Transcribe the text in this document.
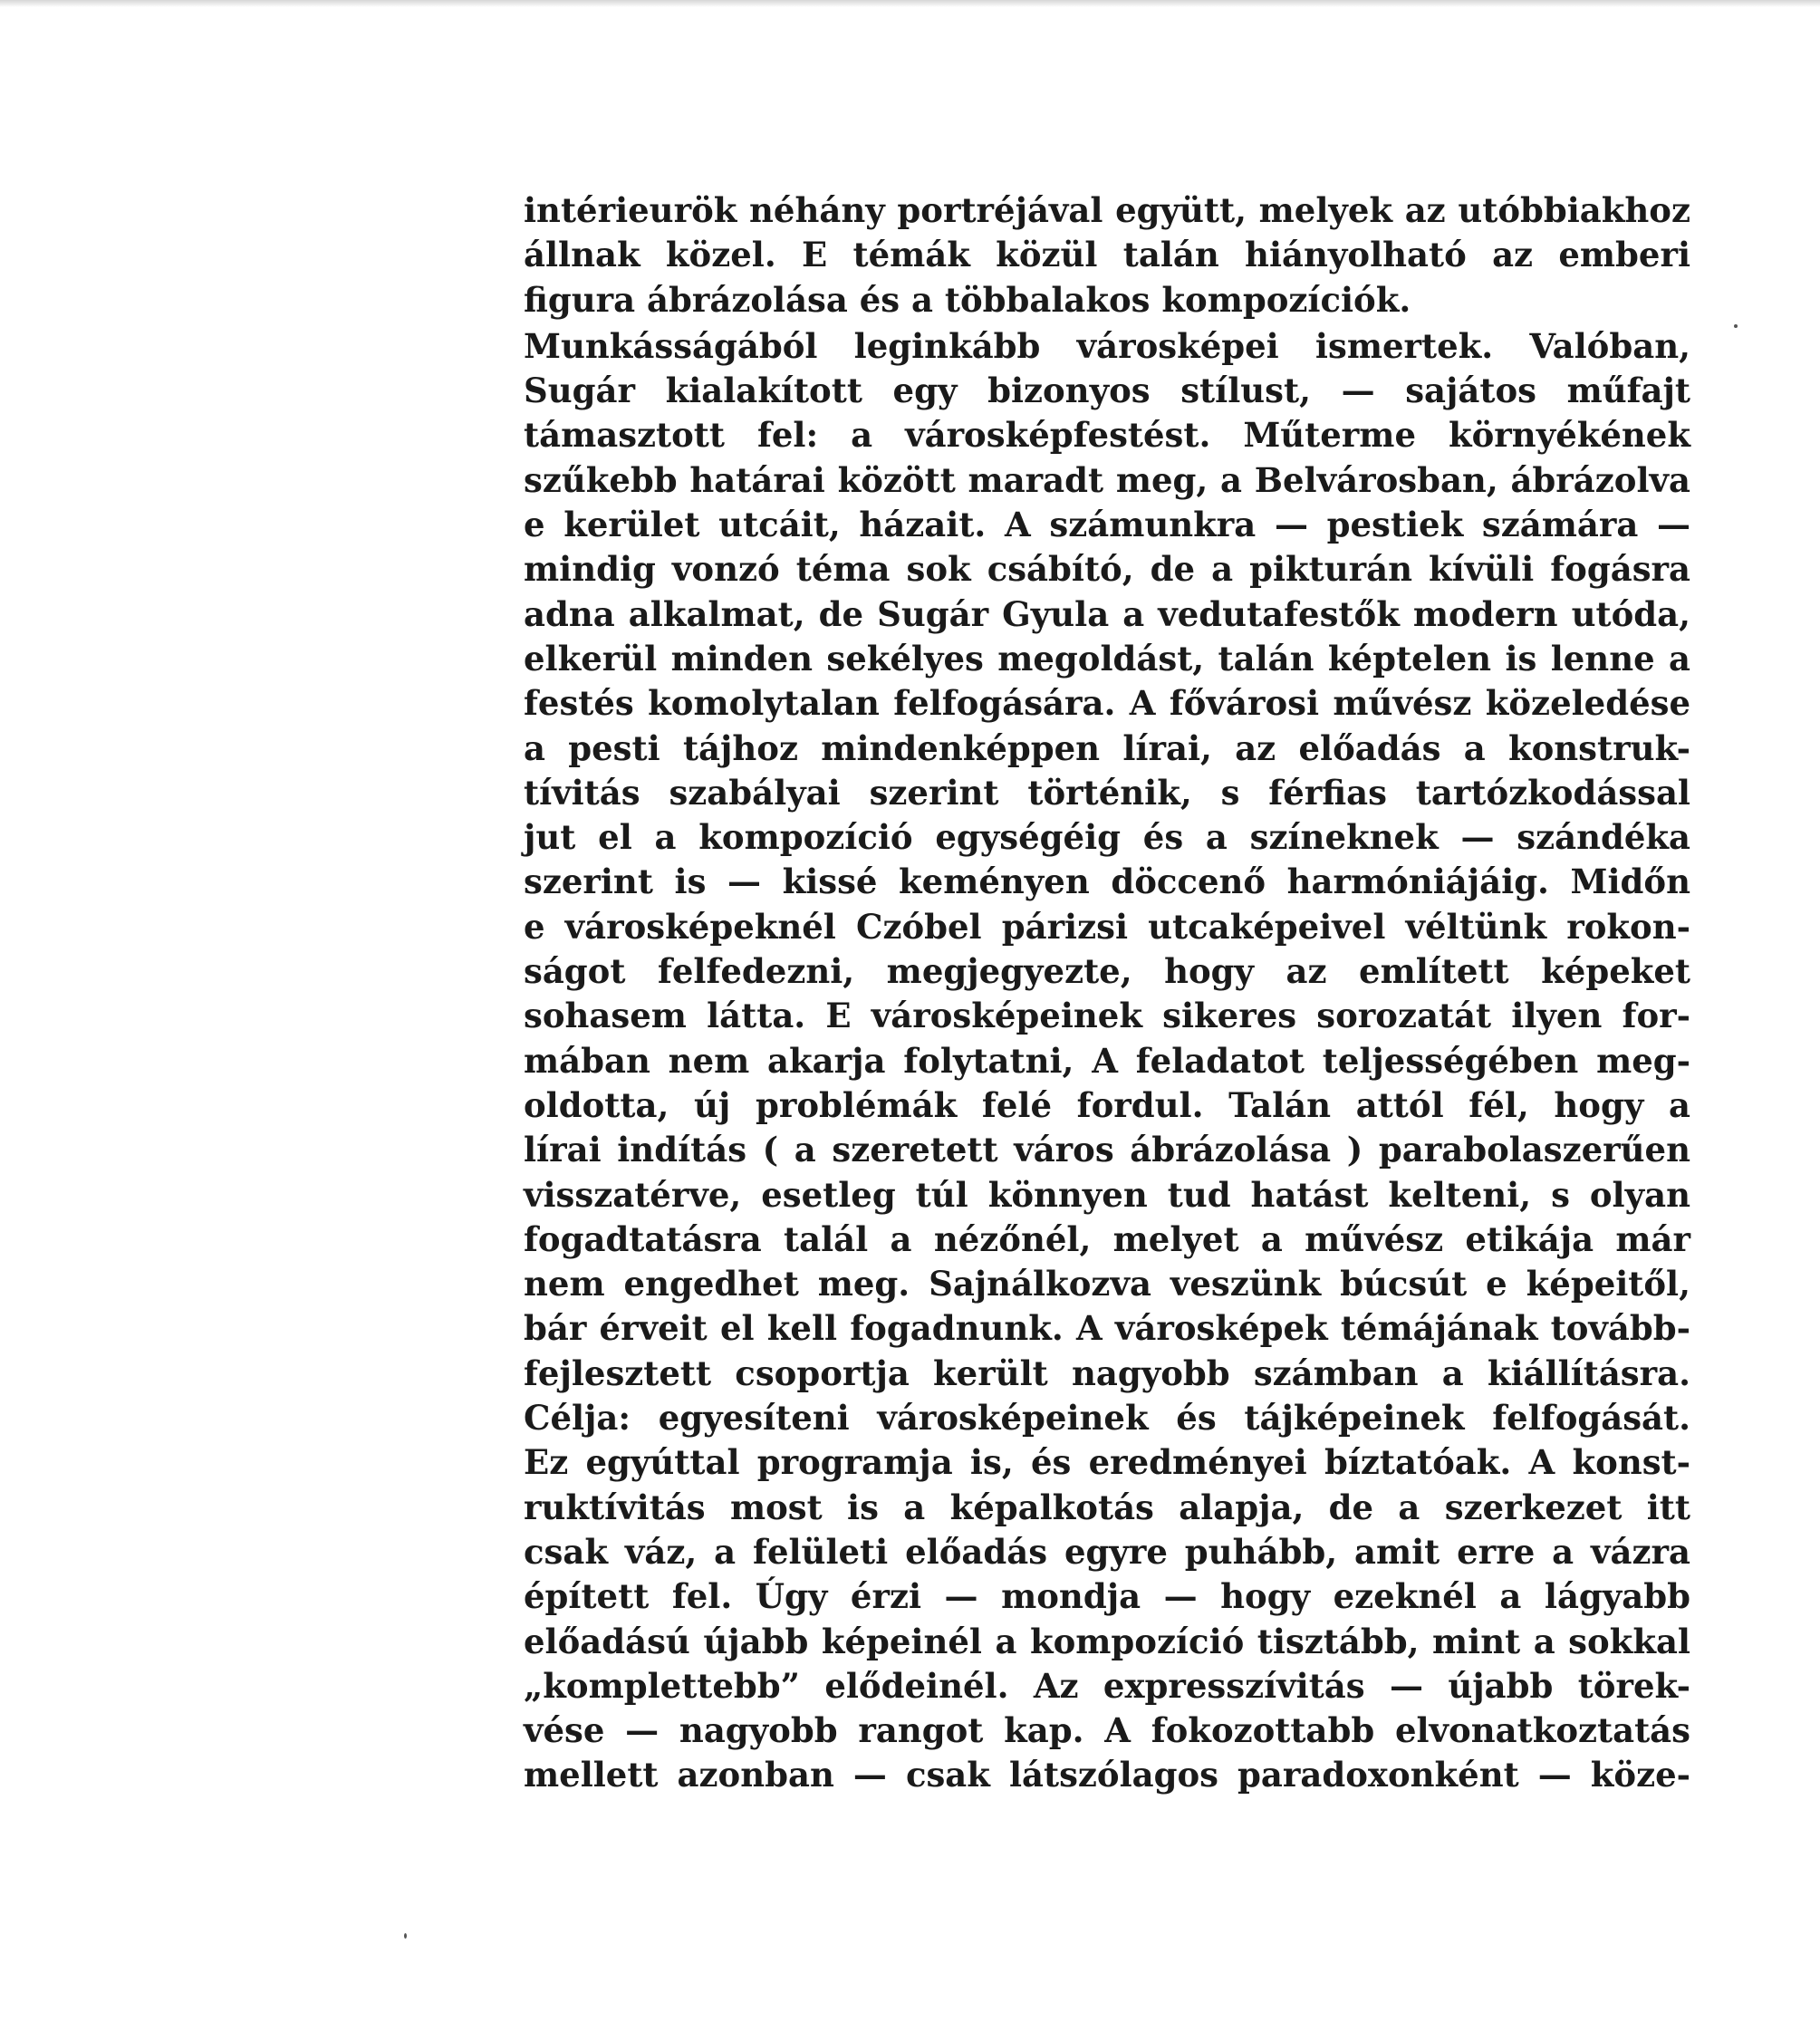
intérieurök néhány portréjával együtt, melyek az utóbbiakhoz
állnak közel. E témák közül talán hiányolható az emberi
figura ábrázolása és a többalakos kompozíciók.
Munkásságából leginkább városképei ismertek. Valóban,
Sugár kialakított egy bizonyos stílust, — sajátos műfajt
támasztott fel: a városképfestést. Műterme környékének
szűkebb határai között maradt meg, a Belvárosban, ábrázolva
e kerület utcáit, házait. A számunkra — pestiek számára —
mindig vonzó téma sok csábító, de a pikturán kívüli fogásra
adna alkalmat, de Sugár Gyula a vedutafestők modern utóda,
elkerül minden sekélyes megoldást, talán képtelen is lenne a
festés komolytalan felfogására. A fővárosi művész közeledése
a pesti tájhoz mindenképpen lírai, az előadás a konstruk-
tívitás szabályai szerint történik, s férfias tartózkodással
jut el a kompozíció egységéig és a színeknek — szándéka
szerint is — kissé keményen döccenő harmóniájáig. Midőn
e városképeknél Czóbel párizsi utcaképeivel véltünk rokon-
ságot felfedezni, megjegyezte, hogy az említett képeket
sohasem látta. E városképeinek sikeres sorozatát ilyen for-
mában nem akarja folytatni, A feladatot teljességében meg-
oldotta, új problémák felé fordul. Talán attól fél, hogy a
lírai indítás ( a szeretett város ábrázolása ) parabolaszerűen
visszatérve, esetleg túl könnyen tud hatást kelteni, s olyan
fogadtatásra talál a nézőnél, melyet a művész etikája már
nem engedhet meg. Sajnálkozva veszünk búcsút e képeitől,
bár érveit el kell fogadnunk. A városképek témájának tovább-
fejlesztett csoportja került nagyobb számban a kiállításra.
Célja: egyesíteni városképeinek és tájképeinek felfogását.
Ez egyúttal programja is, és eredményei bíztatóak. A konst-
ruktívitás most is a képalkotás alapja, de a szerkezet itt
csak váz, a felületi előadás egyre puhább, amit erre a vázra
épített fel. Úgy érzi — mondja — hogy ezeknél a lágyabb
előadású újabb képeinél a kompozíció tisztább, mint a sokkal
„komplettebb” elődeinél. Az expresszívitás — újabb törek-
vése — nagyobb rangot kap. A fokozottabb elvonatkoztatás
mellett azonban — csak látszólagos paradoxonként — köze-
